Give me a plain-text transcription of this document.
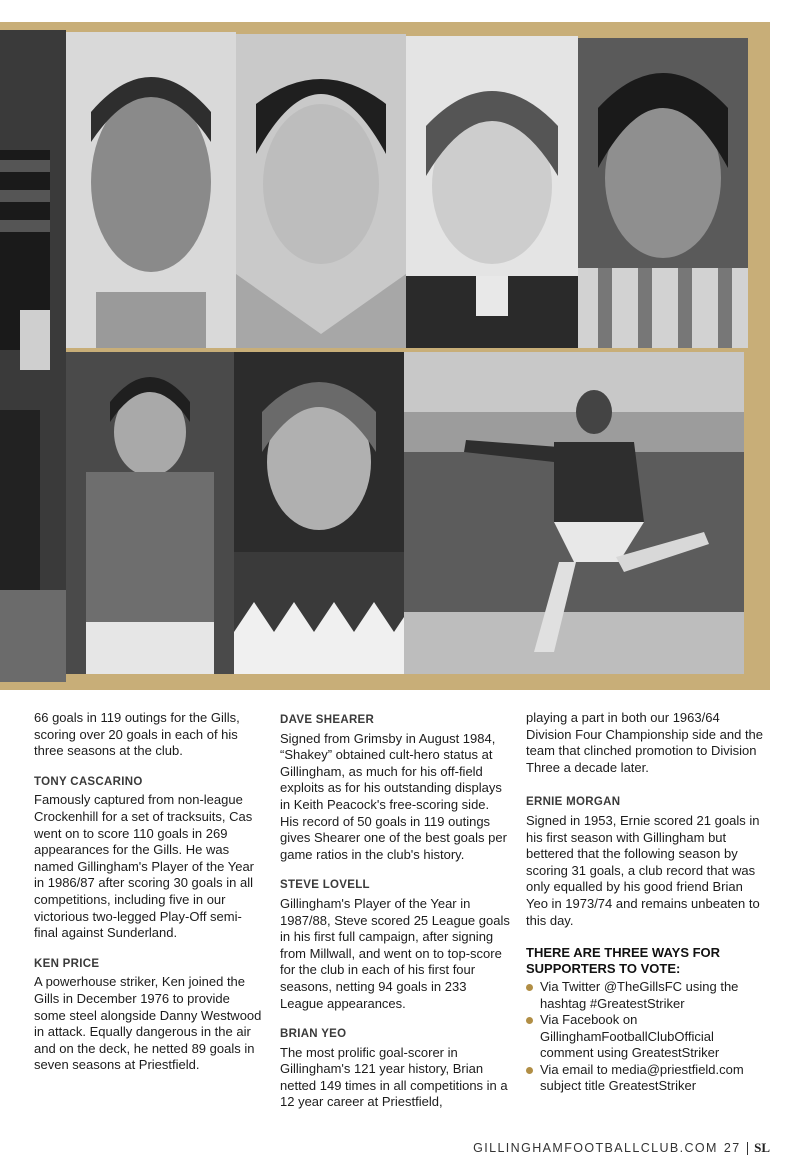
66 goals in 119 outings for the Gills, scoring over 20 goals in each of his three seasons at the club.

TONY CASCARINO

Famously captured from non-league Crockenhill for a set of tracksuits, Cas went on to score 110 goals in 269 appearances for the Gills. He was named Gillingham's Player of the Year in 1986/87 after scoring 30 goals in all competitions, including five in our victorious two-legged Play-Off semi-final against Sunderland.

KEN PRICE

A powerhouse striker, Ken joined the Gills in December 1976 to provide some steel alongside Danny Westwood in attack. Equally dangerous in the air and on the deck, he netted 89 goals in seven seasons at Priestfield.

DAVE SHEARER

Signed from Grimsby in August 1984, “Shakey” obtained cult-hero status at Gillingham, as much for his off-field exploits as for his outstanding displays in Keith Peacock's free-scoring side. His record of 50 goals in 119 outings gives Shearer one of the best goals per game ratios in the club's history.

STEVE LOVELL

Gillingham's Player of the Year in 1987/88, Steve scored 25 League goals in his first full campaign, after signing from Millwall, and went on to top-score for the club in each of his first four seasons, netting 94 goals in 233 League appearances.

BRIAN YEO

The most prolific goal-scorer in Gillingham's 121 year history, Brian netted 149 times in all competitions in a 12 year career at Priestfield,

playing a part in both our 1963/64 Division Four Championship side and the team that clinched promotion to Division Three a decade later.

ERNIE MORGAN

Signed in 1953, Ernie scored 21 goals in his first season with Gillingham but bettered that the following season by scoring 31 goals, a club record that was only equalled by his good friend Brian Yeo in 1973/74 and remains unbeaten to this day.

THERE ARE THREE WAYS FOR SUPPORTERS TO VOTE:
Via Twitter @TheGillsFC using the hashtag #GreatestStriker
Via Facebook on GillinghamFootballClubOfficial comment using GreatestStriker
Via email to media@priestfield.com subject title GreatestStriker
GILLINGHAMFOOTBALLCLUB.COM 27 SL
